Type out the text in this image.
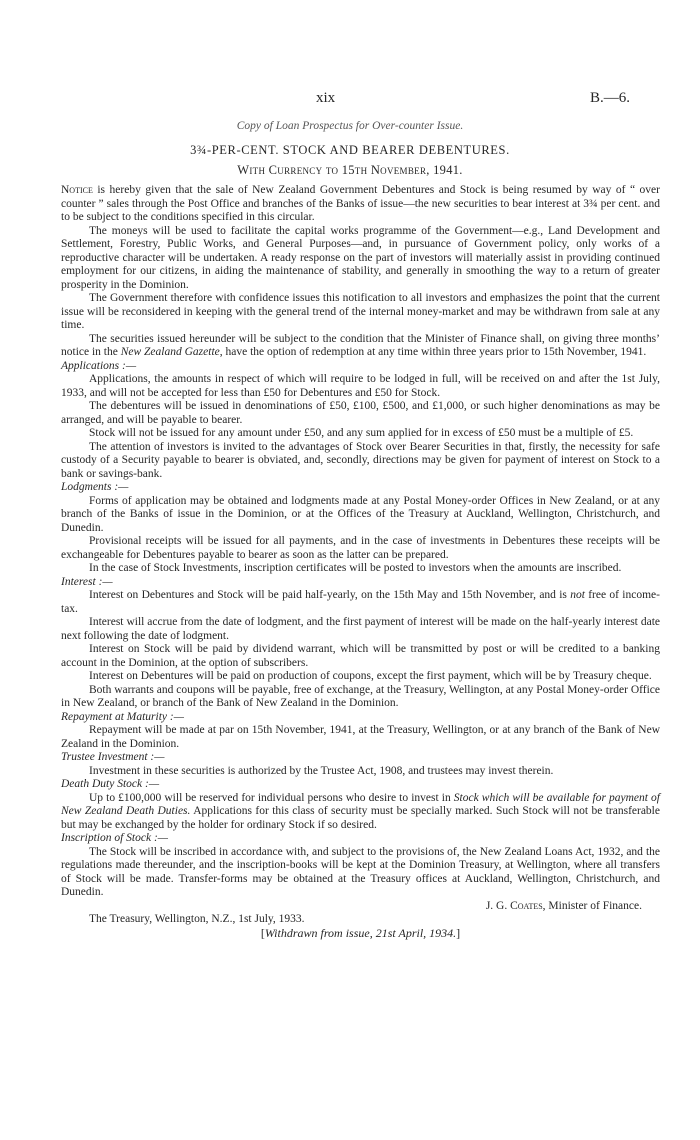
xix	B.—6.
Copy of Loan Prospectus for Over-counter Issue.
3¾-PER-CENT. STOCK AND BEARER DEBENTURES.
With Currency to 15th November, 1941.

Notice is hereby given that the sale of New Zealand Government Debentures and Stock is being resumed by way of “ over counter ” sales through the Post Office and branches of the Banks of issue—the new securities to bear interest at 3¾ per cent. and to be subject to the conditions specified in this circular.

The moneys will be used to facilitate the capital works programme of the Government—e.g., Land Development and Settlement, Forestry, Public Works, and General Purposes—and, in pursuance of Government policy, only works of a reproductive character will be undertaken. A ready response on the part of investors will materially assist in providing continued employment for our citizens, in aiding the maintenance of stability, and generally in smoothing the way to a return of greater prosperity in the Dominion.

The Government therefore with confidence issues this notification to all investors and emphasizes the point that the current issue will be reconsidered in keeping with the general trend of the internal money-market and may be withdrawn from sale at any time.

The securities issued hereunder will be subject to the condition that the Minister of Finance shall, on giving three months’ notice in the New Zealand Gazette, have the option of redemption at any time within three years prior to 15th November, 1941.

Applications :—

Applications, the amounts in respect of which will require to be lodged in full, will be received on and after the 1st July, 1933, and will not be accepted for less than £50 for Debentures and £50 for Stock.

The debentures will be issued in denominations of £50, £100, £500, and £1,000, or such higher denominations as may be arranged, and will be payable to bearer.

Stock will not be issued for any amount under £50, and any sum applied for in excess of £50 must be a multiple of £5.

The attention of investors is invited to the advantages of Stock over Bearer Securities in that, firstly, the necessity for safe custody of a Security payable to bearer is obviated, and, secondly, directions may be given for payment of interest on Stock to a bank or savings-bank.

Lodgments :—

Forms of application may be obtained and lodgments made at any Postal Money-order Offices in New Zealand, or at any branch of the Banks of issue in the Dominion, or at the Offices of the Treasury at Auckland, Wellington, Christchurch, and Dunedin.

Provisional receipts will be issued for all payments, and in the case of investments in Debentures these receipts will be exchangeable for Debentures payable to bearer as soon as the latter can be prepared.

In the case of Stock Investments, inscription certificates will be posted to investors when the amounts are inscribed.

Interest :—

Interest on Debentures and Stock will be paid half-yearly, on the 15th May and 15th November, and is not free of income-tax.

Interest will accrue from the date of lodgment, and the first payment of interest will be made on the half-yearly interest date next following the date of lodgment.

Interest on Stock will be paid by dividend warrant, which will be transmitted by post or will be credited to a banking account in the Dominion, at the option of subscribers.

Interest on Debentures will be paid on production of coupons, except the first payment, which will be by Treasury cheque.

Both warrants and coupons will be payable, free of exchange, at the Treasury, Wellington, at any Postal Money-order Office in New Zealand, or branch of the Bank of New Zealand in the Dominion.

Repayment at Maturity :—

Repayment will be made at par on 15th November, 1941, at the Treasury, Wellington, or at any branch of the Bank of New Zealand in the Dominion.

Trustee Investment :—

Investment in these securities is authorized by the Trustee Act, 1908, and trustees may invest therein.

Death Duty Stock :—

Up to £100,000 will be reserved for individual persons who desire to invest in Stock which will be available for payment of New Zealand Death Duties. Applications for this class of security must be specially marked. Such Stock will not be transferable but may be exchanged by the holder for ordinary Stock if so desired.

Inscription of Stock :—

The Stock will be inscribed in accordance with, and subject to the provisions of, the New Zealand Loans Act, 1932, and the regulations made thereunder, and the inscription-books will be kept at the Dominion Treasury, at Wellington, where all transfers of Stock will be made. Transfer-forms may be obtained at the Treasury offices at Auckland, Wellington, Christchurch, and Dunedin.

J. G. Coates, Minister of Finance.

The Treasury, Wellington, N.Z., 1st July, 1933.

[Withdrawn from issue, 21st April, 1934.]
